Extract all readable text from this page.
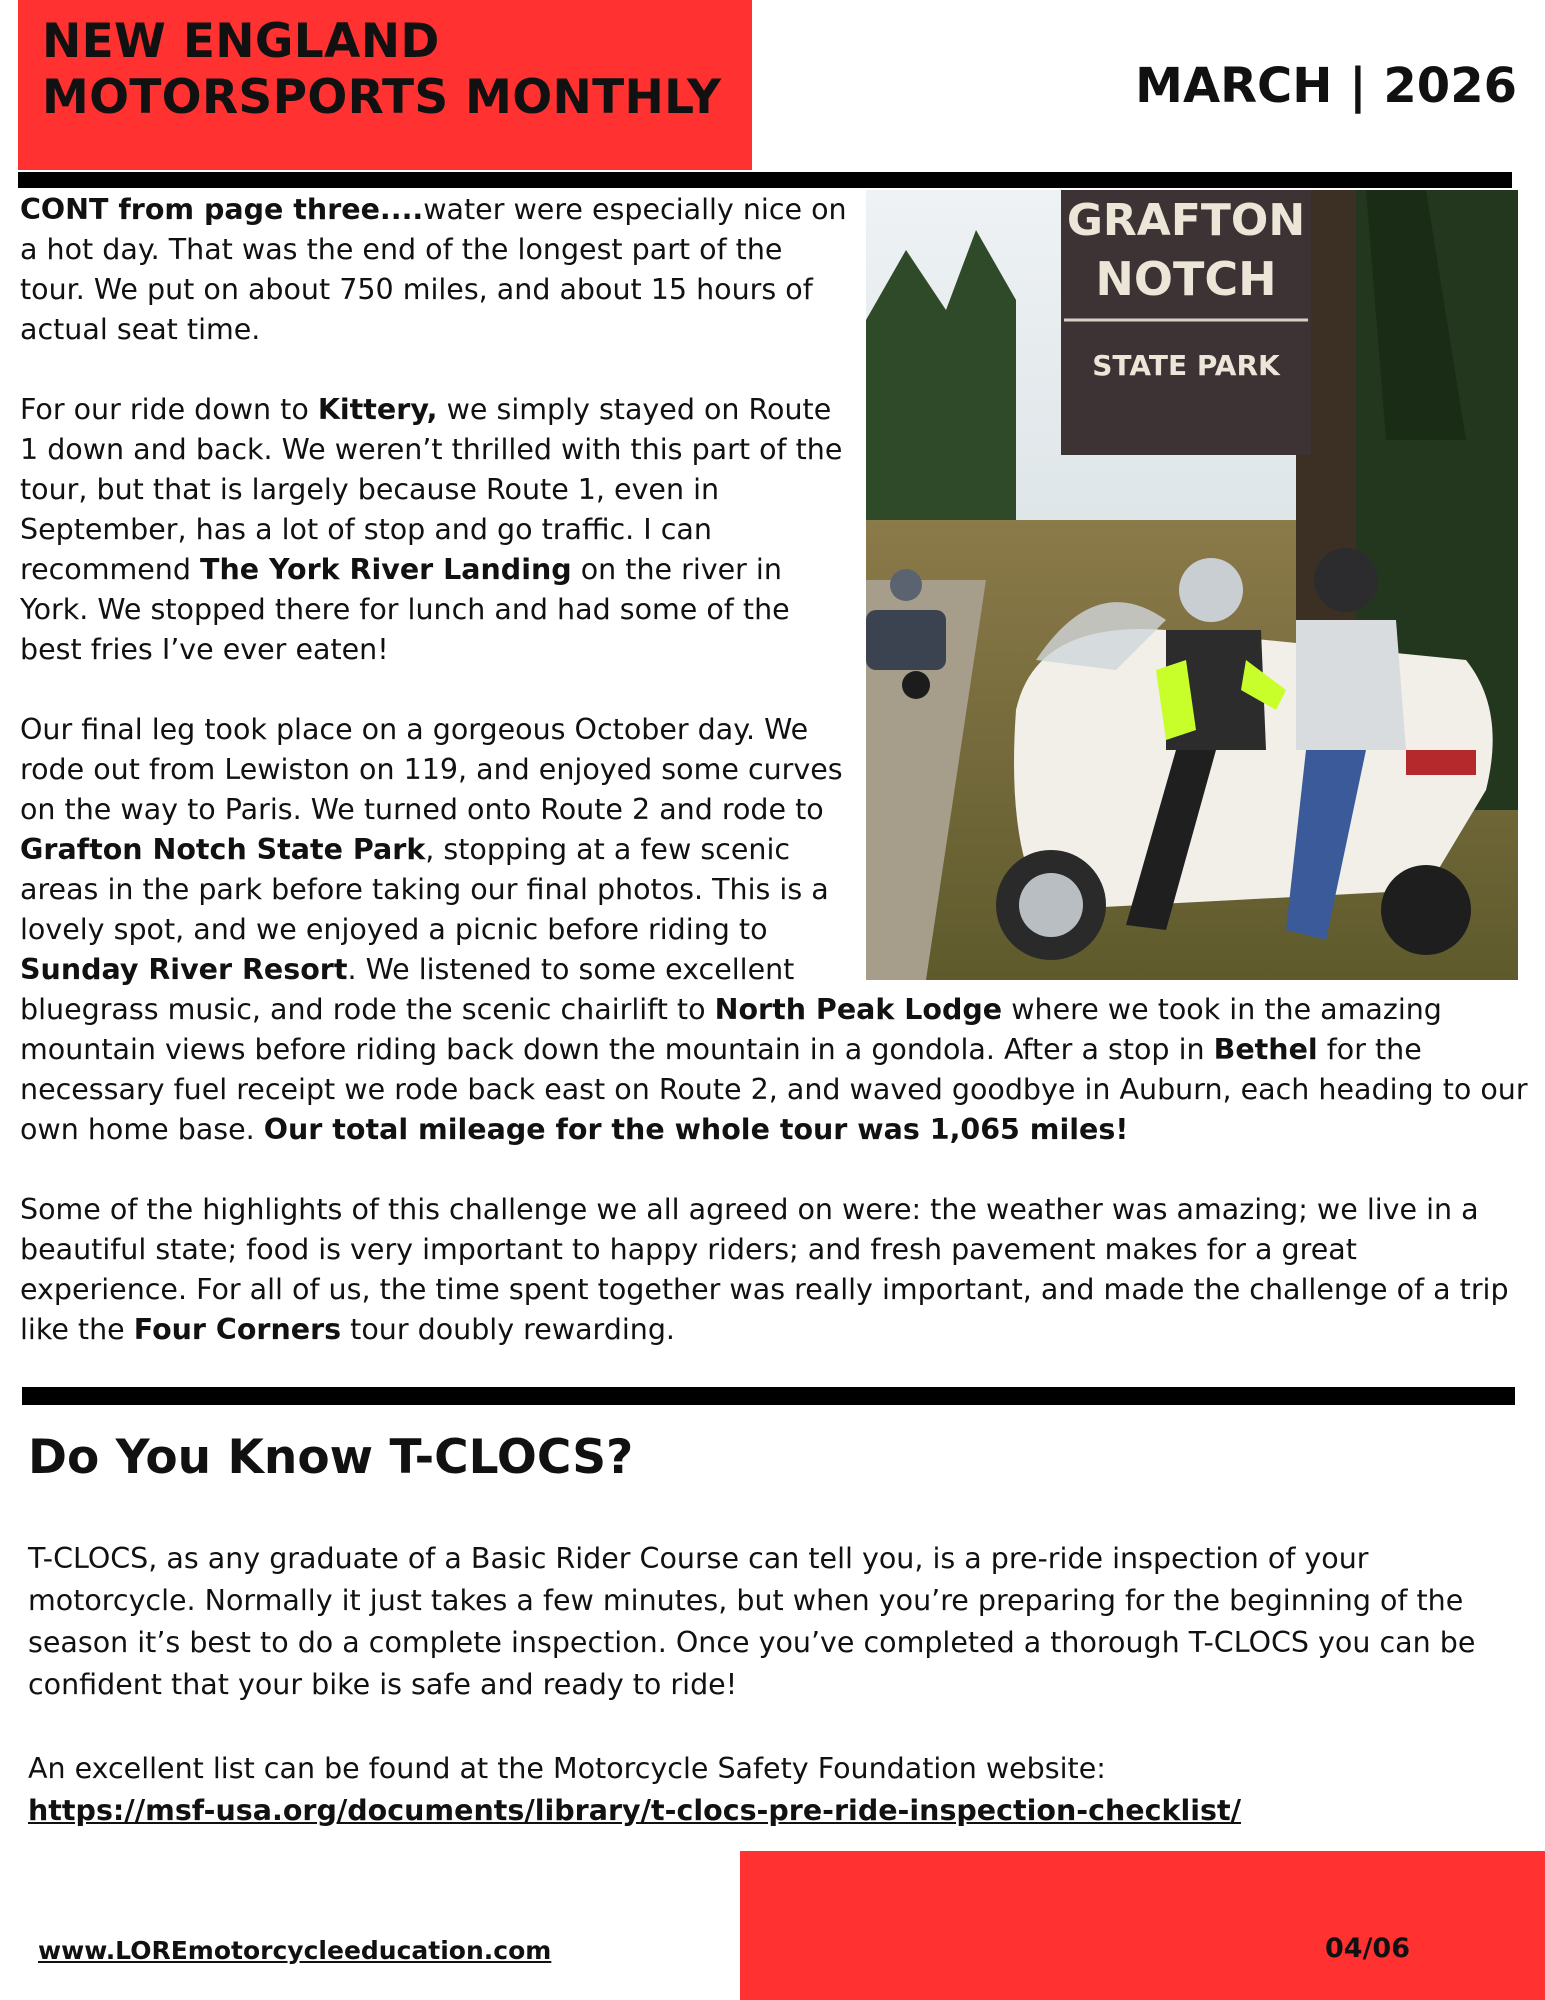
NEW ENGLAND
MOTORSPORTS MONTHLY	MARCH | 2026
GRAFTON
NOTCH
STATE PARK

CONT from page three....water were especially nice on a hot day. That was the end of the longest part of the tour. We put on about 750 miles, and about 15 hours of actual seat time.

For our ride down to Kittery, we simply stayed on Route 1 down and back. We weren’t thrilled with this part of the tour, but that is largely because Route 1, even in September, has a lot of stop and go traffic. I can recommend The York River Landing on the river in York. We stopped there for lunch and had some of the best fries I’ve ever eaten!

Our final leg took place on a gorgeous October day. We rode out from Lewiston on 119, and enjoyed some curves on the way to Paris. We turned onto Route 2 and rode to Grafton Notch State Park, stopping at a few scenic areas in the park before taking our final photos. This is a lovely spot, and we enjoyed a picnic before riding to Sunday River Resort. We listened to some excellent bluegrass music, and rode the scenic chairlift to North Peak Lodge where we took in the amazing mountain views before riding back down the mountain in a gondola. After a stop in Bethel for the necessary fuel receipt we rode back east on Route 2, and waved goodbye in Auburn, each heading to our own home base. Our total mileage for the whole tour was 1,065 miles!

Some of the highlights of this challenge we all agreed on were: the weather was amazing; we live in a beautiful state; food is very important to happy riders; and fresh pavement makes for a great experience. For all of us, the time spent together was really important, and made the challenge of a trip like the Four Corners tour doubly rewarding.

Do You Know T-CLOCS?

T-CLOCS, as any graduate of a Basic Rider Course can tell you, is a pre-ride inspection of your motorcycle. Normally it just takes a few minutes, but when you’re preparing for the beginning of the season it’s best to do a complete inspection. Once you’ve completed a thorough T-CLOCS you can be confident that your bike is safe and ready to ride!

An excellent list can be found at the Motorcycle Safety Foundation website:

https://msf-usa.org/documents/library/t-clocs-pre-ride-inspection-checklist/

www.LOREmotorcycleeducation.com	04/06
